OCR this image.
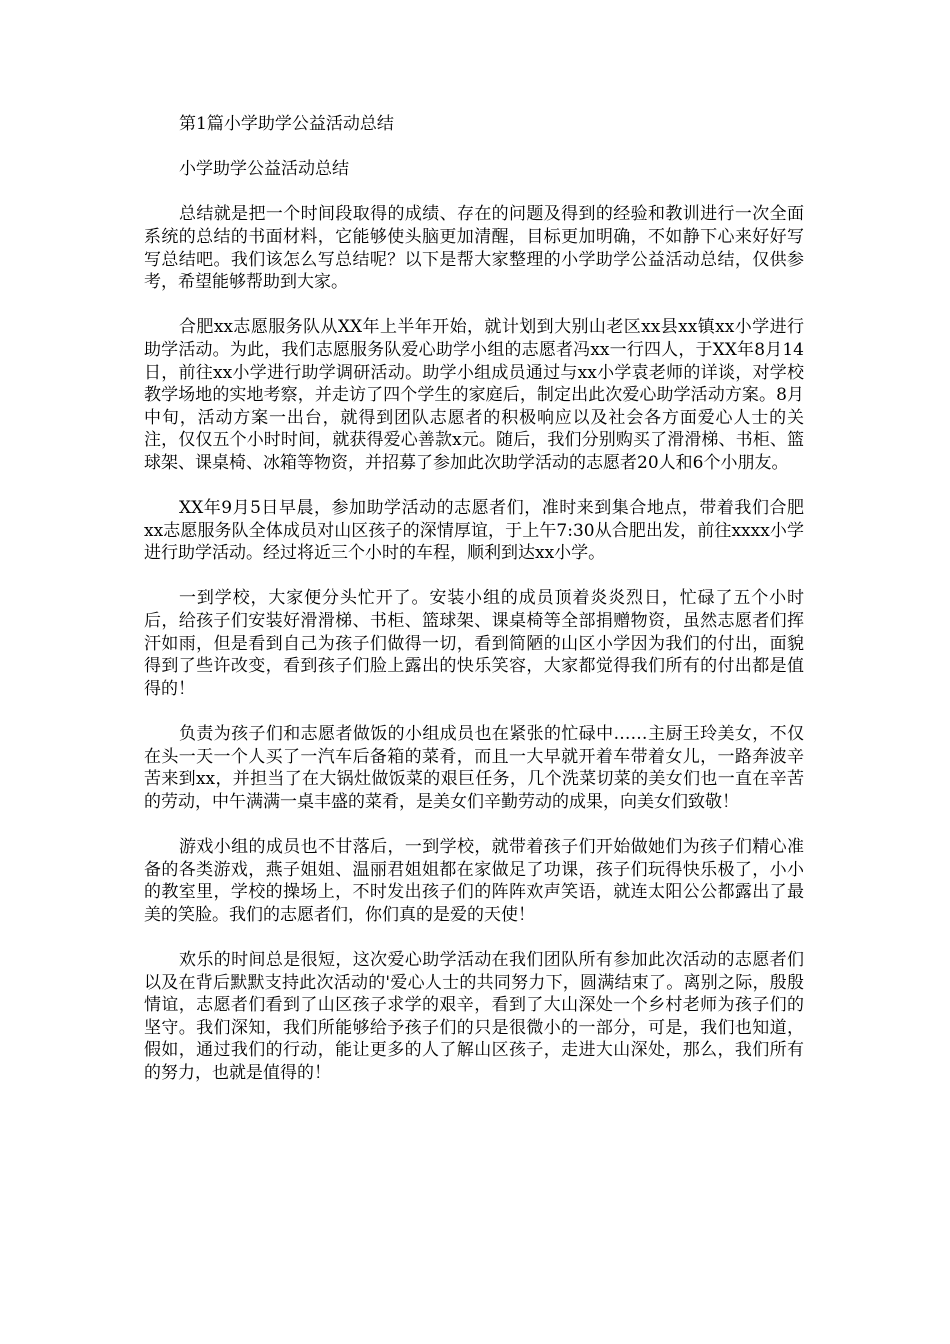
第1篇小学助学公益活动总结

小学助学公益活动总结

总结就是把一个时间段取得的成绩、存在的问题及得到的经验和教训进行一次全面系统的总结的书面材料，它能够使头脑更加清醒，目标更加明确，不如静下心来好好写写总结吧。我们该怎么写总结呢？以下是帮大家整理的小学助学公益活动总结，仅供参考，希望能够帮助到大家。

合肥xx志愿服务队从XX年上半年开始，就计划到大别山老区xx县xx镇xx小学进行助学活动。为此，我们志愿服务队爱心助学小组的志愿者冯xx一行四人，于XX年8月14日，前往xx小学进行助学调研活动。助学小组成员通过与xx小学袁老师的详谈，对学校教学场地的实地考察，并走访了四个学生的家庭后，制定出此次爱心助学活动方案。8月中旬，活动方案一出台，就得到团队志愿者的积极响应以及社会各方面爱心人士的关注，仅仅五个小时时间，就获得爱心善款x元。随后，我们分别购买了滑滑梯、书柜、篮球架、课桌椅、冰箱等物资，并招募了参加此次助学活动的志愿者20人和6个小朋友。

XX年9月5日早晨，参加助学活动的志愿者们，准时来到集合地点，带着我们合肥xx志愿服务队全体成员对山区孩子的深情厚谊，于上午7:30从合肥出发，前往xxxx小学进行助学活动。经过将近三个小时的车程，顺利到达xx小学。

一到学校，大家便分头忙开了。安装小组的成员顶着炎炎烈日，忙碌了五个小时后，给孩子们安装好滑滑梯、书柜、篮球架、课桌椅等全部捐赠物资，虽然志愿者们挥汗如雨，但是看到自己为孩子们做得一切，看到简陋的山区小学因为我们的付出，面貌得到了些许改变，看到孩子们脸上露出的快乐笑容，大家都觉得我们所有的付出都是值得的！

负责为孩子们和志愿者做饭的小组成员也在紧张的忙碌中……主厨王玲美女，不仅在头一天一个人买了一汽车后备箱的菜肴，而且一大早就开着车带着女儿，一路奔波辛苦来到xx，并担当了在大锅灶做饭菜的艰巨任务，几个洗菜切菜的美女们也一直在辛苦的劳动，中午满满一桌丰盛的菜肴，是美女们辛勤劳动的成果，向美女们致敬！

游戏小组的成员也不甘落后，一到学校，就带着孩子们开始做她们为孩子们精心准备的各类游戏，燕子姐姐、温丽君姐姐都在家做足了功课，孩子们玩得快乐极了，小小的教室里，学校的操场上，不时发出孩子们的阵阵欢声笑语，就连太阳公公都露出了最美的笑脸。我们的志愿者们，你们真的是爱的天使！

欢乐的时间总是很短，这次爱心助学活动在我们团队所有参加此次活动的志愿者们以及在背后默默支持此次活动的'爱心人士的共同努力下，圆满结束了。离别之际，殷殷情谊，志愿者们看到了山区孩子求学的艰辛，看到了大山深处一个乡村老师为孩子们的坚守。我们深知，我们所能够给予孩子们的只是很微小的一部分，可是，我们也知道，假如，通过我们的行动，能让更多的人了解山区孩子，走进大山深处，那么，我们所有的努力，也就是值得的！
